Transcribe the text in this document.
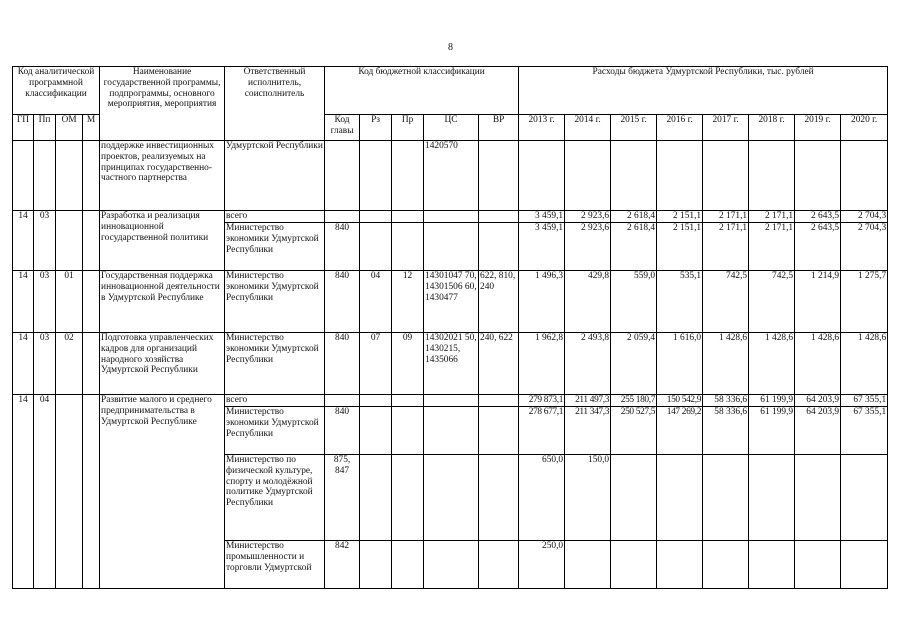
8
Код аналитической программной классификации				Наименование государственной программы, подпрограммы, основного мероприятия, мероприятия	Ответственный исполнитель, соисполнитель	Код бюджетной классификации					Расходы бюджета Удмуртской Республики, тыс. рублей							
ГП	Пп	ОМ	М			Код главы	Рз	Пр	ЦС	ВР	2013 г.	2014 г.	2015 г.	2016 г.	2017 г.	2018 г.	2019 г.	2020 г.
				поддержке инвестиционных проектов, реализуемых на принципах государственно-частного партнерства	Удмуртской Республики				1420570									
14	03			Разработка и реализация инновационной государственной политики	всего						3 459,1	2 923,6	2 618,4	2 151,1	2 171,1	2 171,1	2 643,5	2 704,3
					Министерство экономики Удмуртской Республики	840					3 459,1	2 923,6	2 618,4	2 151,1	2 171,1	2 171,1	2 643,5	2 704,3
14	03	01		Государственная поддержка инновационной деятельности в Удмуртской Республике	Министерство экономики Удмуртской Республики	840	04	12	14301047 70, 14301506 60, 1430477	622, 810, 240	1 496,3	429,8	559,0	535,1	742,5	742,5	1 214,9	1 275,7
14	03	02		Подготовка управленческих кадров для организаций народного хозяйства Удмуртской Республики	Министерство экономики Удмуртской Республики	840	07	09	14302021 50, 1430215, 1435066	240, 622	1 962,8	2 493,8	2 059,4	1 616,0	1 428,6	1 428,6	1 428,6	1 428,6
14	04			Развитие малого и среднего предпринимательства в Удмуртской Республике	всего						279 873,1	211 497,3	255 180,7	150 542,9	58 336,6	61 199,9	64 203,9	67 355,1
					Министерство экономики Удмуртской Республики	840					278 677,1	211 347,3	250 527,5	147 269,2	58 336,6	61 199,9	64 203,9	67 355,1
					Министерство по физической культуре, спорту и молодёжной политике Удмуртской Республики	875, 847					650,0	150,0						
					Министерство промышленности и торговли Удмуртской	842					250,0							
